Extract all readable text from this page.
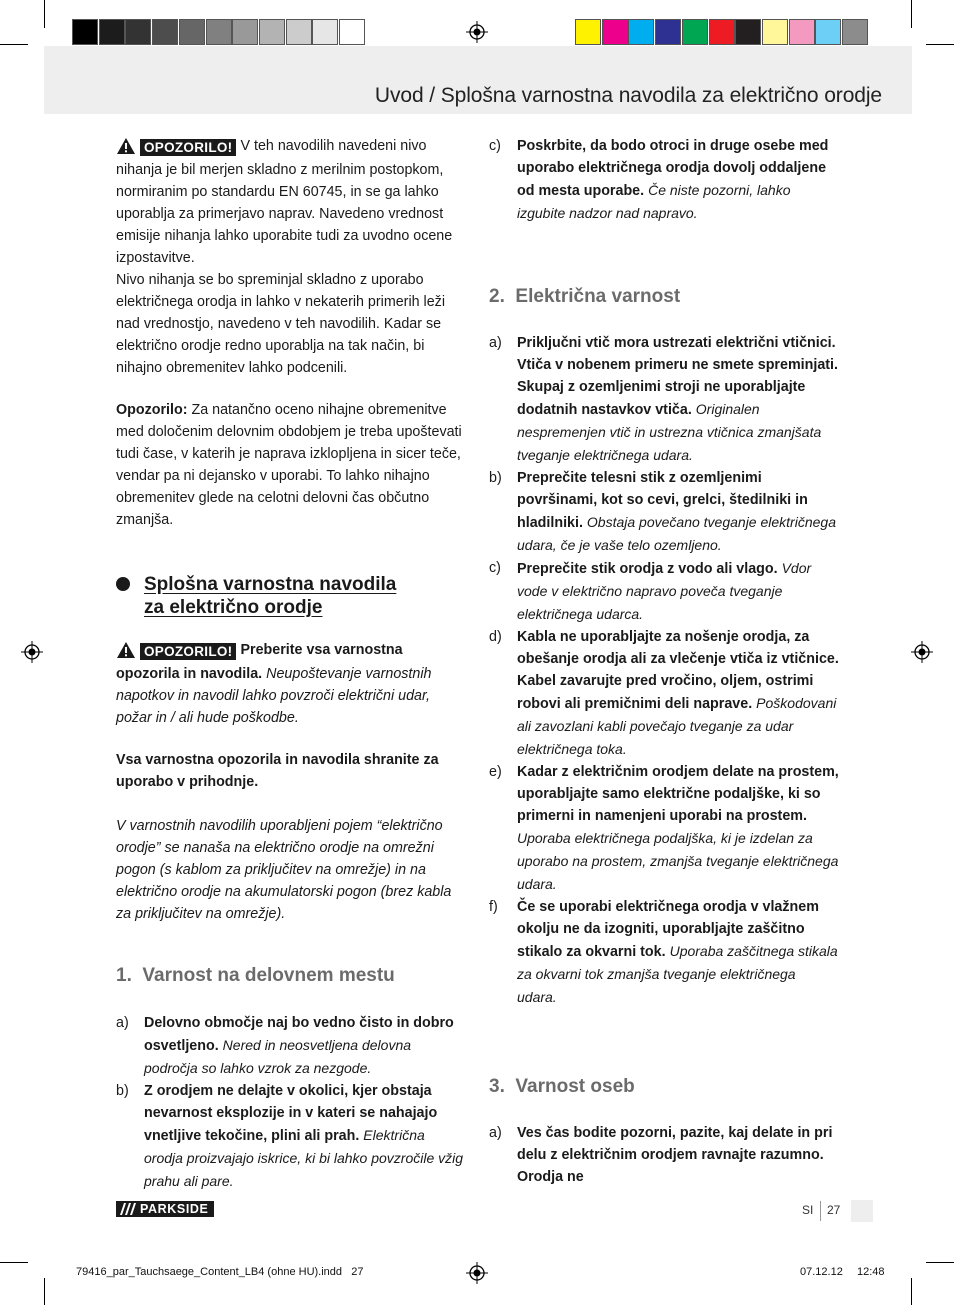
Uvod / Splošna varnostna navodila za električno orodje

OPOZORILO! V teh navodilih navedeni nivo nihanja je bil merjen skladno z merilnim postopkom, normiranim po standardu EN 60745, in se ga lahko uporablja za primerjavo naprav. Navedeno vrednost emisije nihanja lahko uporabite tudi za uvodno ocene izpostavitve.

Nivo nihanja se bo spreminjal skladno z uporabo električnega orodja in lahko v nekaterih primerih leži nad vrednostjo, navedeno v teh navodilih. Kadar se električno orodje redno uporablja na tak način, bi nihajno obremenitev lahko podcenili.

Opozorilo: Za natančno oceno nihajne obremenitve med določenim delovnim obdobjem je treba upoštevati tudi čase, v katerih je naprava izklopljena in sicer teče, vendar pa ni dejansko v uporabi. To lahko nihajno obremenitev glede na celotni delovni čas občutno zmanjša.

Splošna varnostna navodila
za električno orodje

OPOZORILO! Preberite vsa varnostna opozorila in navodila. Neupoštevanje varnostnih napotkov in navodil lahko povzroči električni udar, požar in / ali hude poškodbe.

Vsa varnostna opozorila in navodila shranite za uporabo v prihodnje.

V varnostnih navodilih uporabljeni pojem “električno orodje” se nanaša na električno orodje na omrežni pogon (s kablom za priključitev na omrežje) in na električno orodje na akumulatorski pogon (brez kabla za priključitev na omrežje).

1. Varnost na delovnem mestu
a) Delovno območje naj bo vedno čisto in dobro osvetljeno. Nered in neosvetljena delovna področja so lahko vzrok za nezgode.
b) Z orodjem ne delajte v okolici, kjer obstaja nevarnost eksplozije in v kateri se nahajajo vnetljive tekočine, plini ali prah. Električna orodja proizvajajo iskrice, ki bi lahko povzročile vžig prahu ali pare.
c) Poskrbite, da bodo otroci in druge osebe med uporabo električnega orodja dovolj oddaljene od mesta uporabe. Če niste pozorni, lahko izgubite nadzor nad napravo.
2. Električna varnost
a) Priključni vtič mora ustrezati električni vtičnici. Vtiča v nobenem primeru ne smete spreminjati. Skupaj z ozemljenimi stroji ne uporabljajte dodatnih nastavkov vtiča. Originalen nespremenjen vtič in ustrezna vtičnica zmanjšata tveganje električnega udara.
b) Preprečite telesni stik z ozemljenimi površinami, kot so cevi, grelci, štedilniki in hladilniki. Obstaja povečano tveganje električnega udara, če je vaše telo ozemljeno.
c) Preprečite stik orodja z vodo ali vlago. Vdor vode v električno napravo poveča tveganje električnega udarca.
d) Kabla ne uporabljajte za nošenje orodja, za obešanje orodja ali za vlečenje vtiča iz vtičnice. Kabel zavarujte pred vročino, oljem, ostrimi robovi ali premičnimi deli naprave. Poškodovani ali zavozlani kabli povečajo tveganje za udar električnega toka.
e) Kadar z električnim orodjem delate na prostem, uporabljajte samo električne podaljške, ki so primerni in namenjeni uporabi na prostem. Uporaba električnega podaljška, ki je izdelan za uporabo na prostem, zmanjša tveganje električnega udara.
f) Če se uporabi električnega orodja v vlažnem okolju ne da izogniti, uporabljajte zaščitno stikalo za okvarni tok. Uporaba zaščitnega stikala za okvarni tok zmanjša tveganje električnega udara.
3. Varnost oseb
a) Ves čas bodite pozorni, pazite, kaj delate in pri delu z električnim orodjem ravnajte razumno. Orodja ne
PARKSIDE	SI 27
79416_par_Tauchsaege_Content_LB4 (ohne HU).indd   27	07.12.12 12:48
